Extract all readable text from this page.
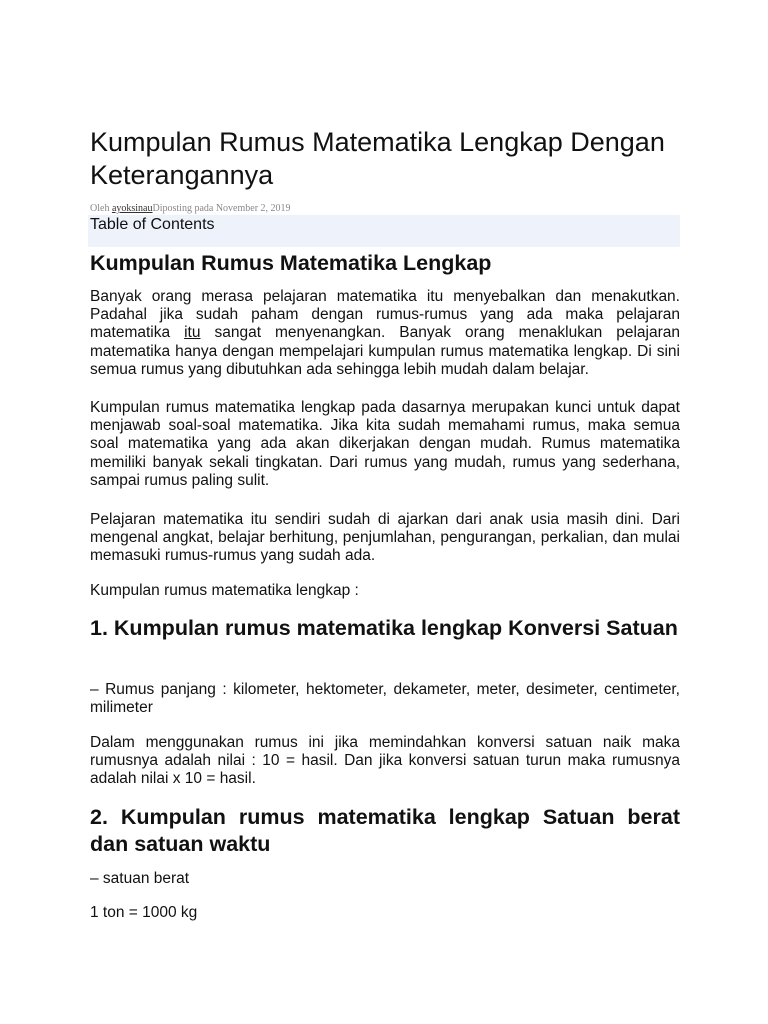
Kumpulan Rumus Matematika Lengkap Dengan Keterangannya
Oleh ayoksinauDiposting pada November 2, 2019
Table of Contents
Kumpulan Rumus Matematika Lengkap

Banyak orang merasa pelajaran matematika itu menyebalkan dan menakutkan. Padahal jika sudah paham dengan rumus-rumus yang ada maka pelajaran matematika itu sangat menyenangkan. Banyak orang menaklukan pelajaran matematika hanya dengan mempelajari kumpulan rumus matematika lengkap. Di sini semua rumus yang dibutuhkan ada sehingga lebih mudah dalam belajar.

Kumpulan rumus matematika lengkap pada dasarnya merupakan kunci untuk dapat menjawab soal-soal matematika. Jika kita sudah memahami rumus, maka semua soal matematika yang ada akan dikerjakan dengan mudah. Rumus matematika memiliki banyak sekali tingkatan. Dari rumus yang mudah, rumus yang sederhana, sampai rumus paling sulit.

Pelajaran matematika itu sendiri sudah di ajarkan dari anak usia masih dini. Dari mengenal angkat, belajar berhitung, penjumlahan, pengurangan, perkalian, dan mulai memasuki rumus-rumus yang sudah ada.

Kumpulan rumus matematika lengkap :

1. Kumpulan rumus matematika lengkap Konversi Satuan

– Rumus panjang : kilometer, hektometer, dekameter, meter, desimeter, centimeter, milimeter

Dalam menggunakan rumus ini jika memindahkan konversi satuan naik maka rumusnya adalah nilai : 10 = hasil. Dan jika konversi satuan turun maka rumusnya adalah nilai x 10 = hasil.

2. Kumpulan rumus matematika lengkap Satuan berat dan satuan waktu

– satuan berat

1 ton = 1000 kg
